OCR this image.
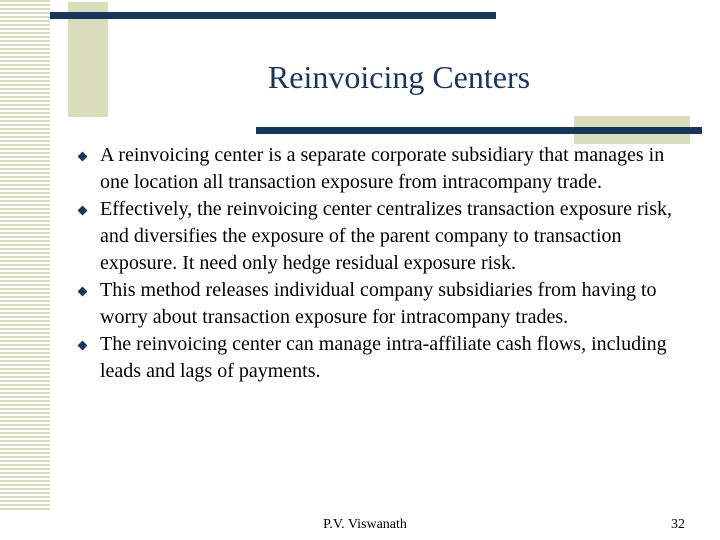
Reinvoicing Centers
A reinvoicing center is a separate corporate subsidiary that manages in one location all transaction exposure from intracompany trade.
Effectively, the reinvoicing center centralizes transaction exposure risk, and diversifies the exposure of the parent company to transaction exposure. It need only hedge residual exposure risk.
This method releases individual company subsidiaries from having to worry about transaction exposure for intracompany trades.
The reinvoicing center can manage intra-affiliate cash flows, including leads and lags of payments.
P.V. Viswanath	32
